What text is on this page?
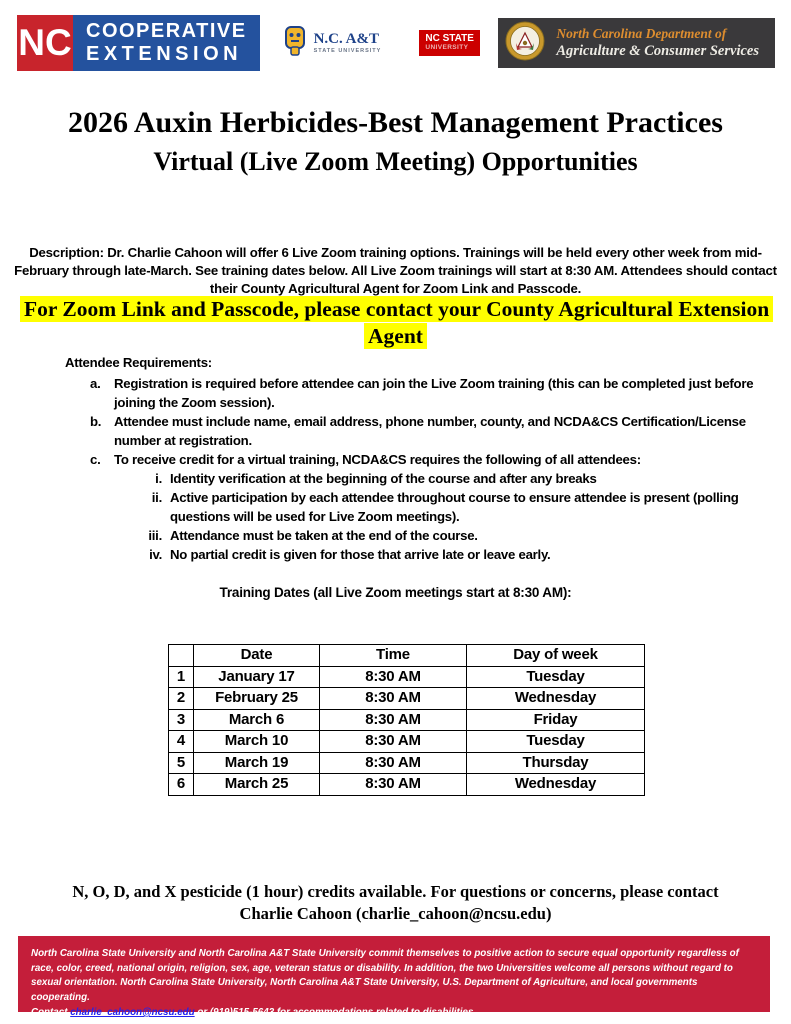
NC COOPERATIVE
EXTENSION
N.C. A&T
STATE UNIVERSITY
NC STATE
UNIVERSITY
North Carolina Department of
Agriculture & Consumer Services
2026 Auxin Herbicides-Best Management Practices
Virtual (Live Zoom Meeting) Opportunities
Description: Dr. Charlie Cahoon will offer 6 Live Zoom training options. Trainings will be held every other week from mid-February through late-March. See training dates below. All Live Zoom trainings will start at 8:30 AM. Attendees should contact their County Agricultural Agent for Zoom Link and Passcode.
For Zoom Link and Passcode, please contact your County Agricultural Extension Agent
Attendee Requirements:
a.	Registration is required before attendee can join the Live Zoom training (this can be completed just before joining the Zoom session).
b. Attendee must include name, email address, phone number, county, and NCDA&CS Certification/License number at registration.
c.	To receive credit for a virtual training, NCDA&CS requires the following of all attendees:
i. Identity verification at the beginning of the course and after any breaks
ii. Active participation by each attendee throughout course to ensure attendee is present (polling questions will be used for Live Zoom meetings).
iii. Attendance must be taken at the end of the course.
iv. No partial credit is given for those that arrive late or leave early.
Training Dates (all Live Zoom meetings start at 8:30 AM):
	Date	Time	Day of week
1	January 17	8:30 AM	Tuesday
2	February 25	8:30 AM	Wednesday
3	March 6	8:30 AM	Friday
4	March 10	8:30 AM	Tuesday
5	March 19	8:30 AM	Thursday
6	March 25	8:30 AM	Wednesday
N, O, D, and X pesticide (1 hour) credits available. For questions or concerns, please contact
Charlie Cahoon (charlie_cahoon@ncsu.edu)
North Carolina State University and North Carolina A&T State University commit themselves to positive action to secure equal opportunity regardless of race, color, creed, national origin, religion, sex, age, veteran status or disability. In addition, the two Universities welcome all persons without regard to sexual orientation. North Carolina State University, North Carolina A&T State University, U.S. Department of Agriculture, and local governments cooperating.
Contact charlie_cahoon@ncsu.edu or (919)515-5643 for accommodations related to disabilities.
